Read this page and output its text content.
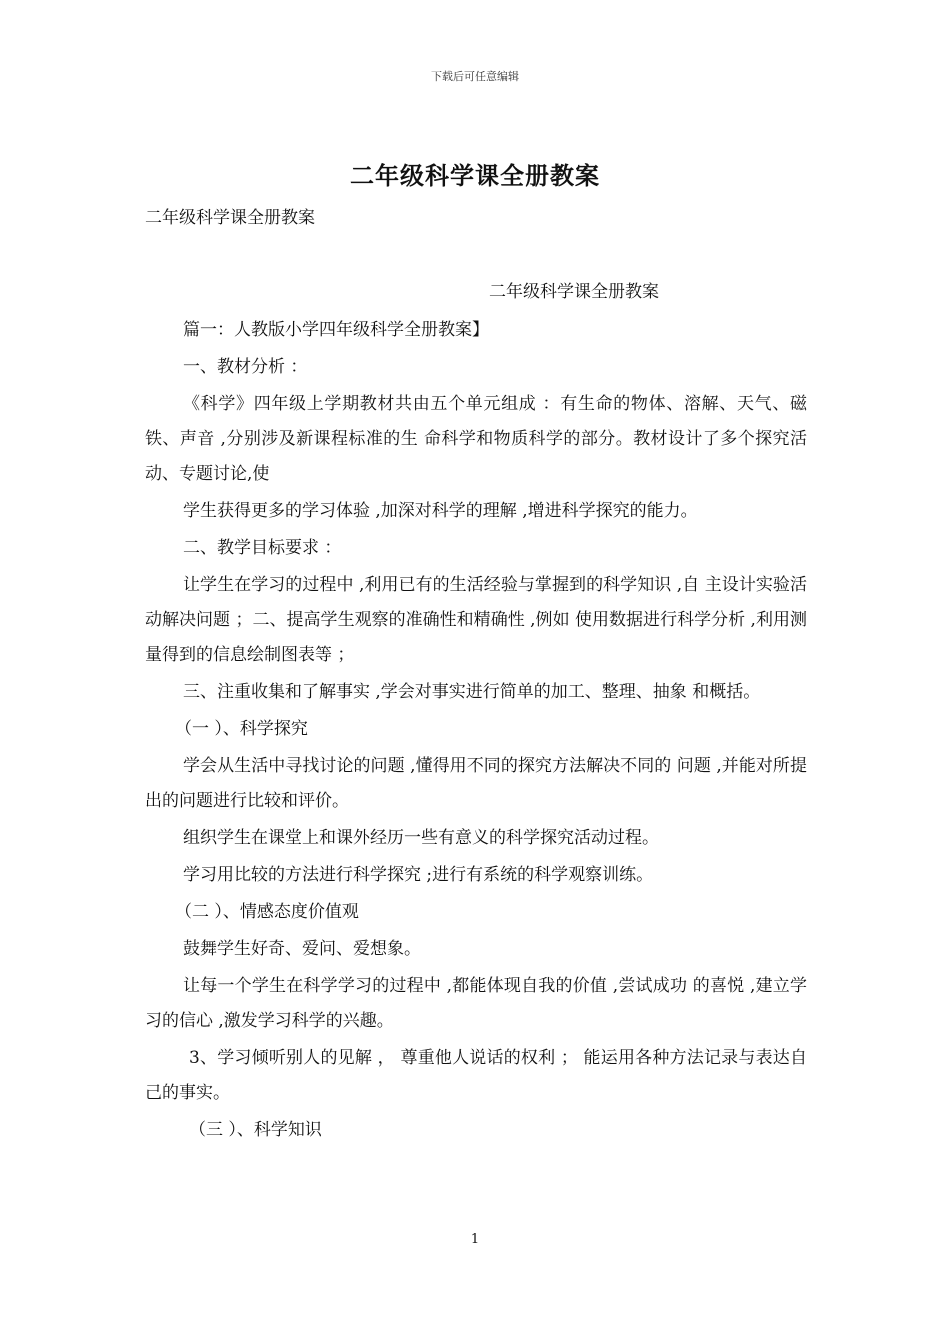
下载后可任意编辑
二年级科学课全册教案
二年级科学课全册教案
二年级科学课全册教案

篇一：人教版小学四年级科学全册教案】

一、教材分析 ：

《科学》四年级上学期教材共由五个单元组成 ：有生命的物体、溶解、天气、磁铁、声音 ,分别涉及新课程标准的生 命科学和物质科学的部分。教材设计了多个探究活动、专题讨论,使

学生获得更多的学习体验 ,加深对科学的理解 ,增进科学探究的能力。

二、教学目标要求 ：

让学生在学习的过程中 ,利用已有的生活经验与掌握到的科学知识 ,自 主设计实验活动解决问题 ；二、提高学生观察的准确性和精确性 ,例如 使用数据进行科学分析 ,利用测量得到的信息绘制图表等 ；

三、注重收集和了解事实 ,学会对事实进行简单的加工、整理、抽象 和概括。

（一 ）、科学探究

学会从生活中寻找讨论的问题 ,懂得用不同的探究方法解决不同的 问题 ,并能对所提出的问题进行比较和评价。

组织学生在课堂上和课外经历一些有意义的科学探究活动过程。

学习用比较的方法进行科学探究 ;进行有系统的科学观察训练。

（二 ）、情感态度价值观

鼓舞学生好奇、爱问、爱想象。

让每一个学生在科学学习的过程中 ,都能体现自我的价值 ,尝试成功 的喜悦 ,建立学习的信心 ,激发学习科学的兴趣。

3、学习倾听别人的见解 ， 尊重他人说话的权利 ； 能运用各种方法记录与表达自己的事实。

（三 ）、科学知识

1
